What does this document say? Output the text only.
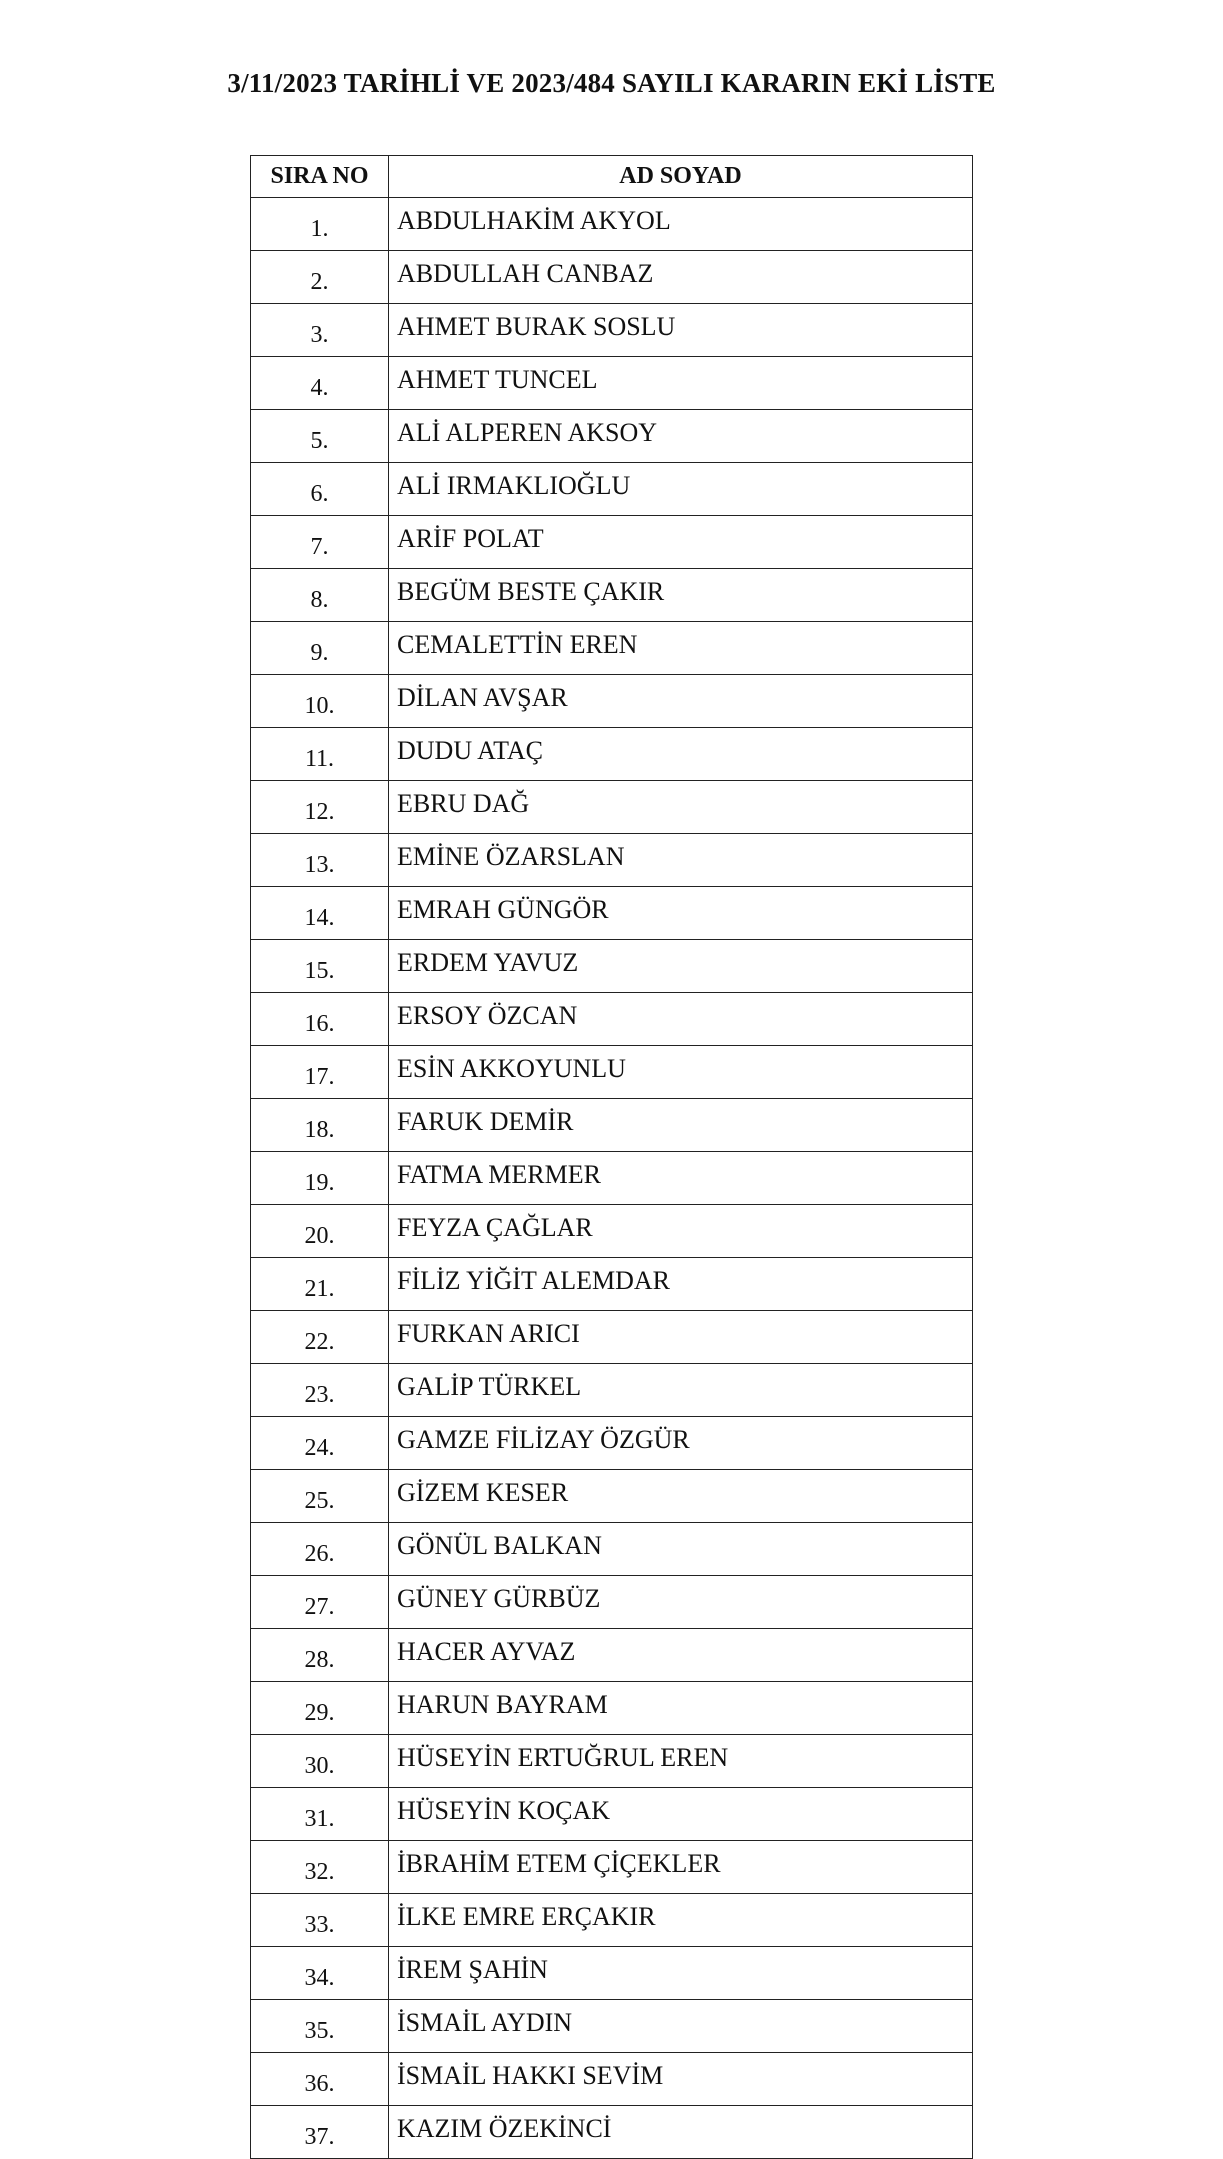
3/11/2023 TARİHLİ VE 2023/484 SAYILI KARARIN EKİ LİSTE
SIRA NO	AD SOYAD
1.	ABDULHAKİM AKYOL
2.	ABDULLAH CANBAZ
3.	AHMET BURAK SOSLU
4.	AHMET TUNCEL
5.	ALİ ALPEREN AKSOY
6.	ALİ IRMAKLIOĞLU
7.	ARİF POLAT
8.	BEGÜM BESTE ÇAKIR
9.	CEMALETTİN EREN
10.	DİLAN AVŞAR
11.	DUDU ATAÇ
12.	EBRU DAĞ
13.	EMİNE ÖZARSLAN
14.	EMRAH GÜNGÖR
15.	ERDEM YAVUZ
16.	ERSOY ÖZCAN
17.	ESİN AKKOYUNLU
18.	FARUK DEMİR
19.	FATMA MERMER
20.	FEYZA ÇAĞLAR
21.	FİLİZ YİĞİT ALEMDAR
22.	FURKAN ARICI
23.	GALİP TÜRKEL
24.	GAMZE FİLİZAY ÖZGÜR
25.	GİZEM KESER
26.	GÖNÜL BALKAN
27.	GÜNEY GÜRBÜZ
28.	HACER AYVAZ
29.	HARUN BAYRAM
30.	HÜSEYİN ERTUĞRUL EREN
31.	HÜSEYİN KOÇAK
32.	İBRAHİM ETEM ÇİÇEKLER
33.	İLKE EMRE ERÇAKIR
34.	İREM ŞAHİN
35.	İSMAİL AYDIN
36.	İSMAİL HAKKI SEVİM
37.	KAZIM ÖZEKİNCİ
